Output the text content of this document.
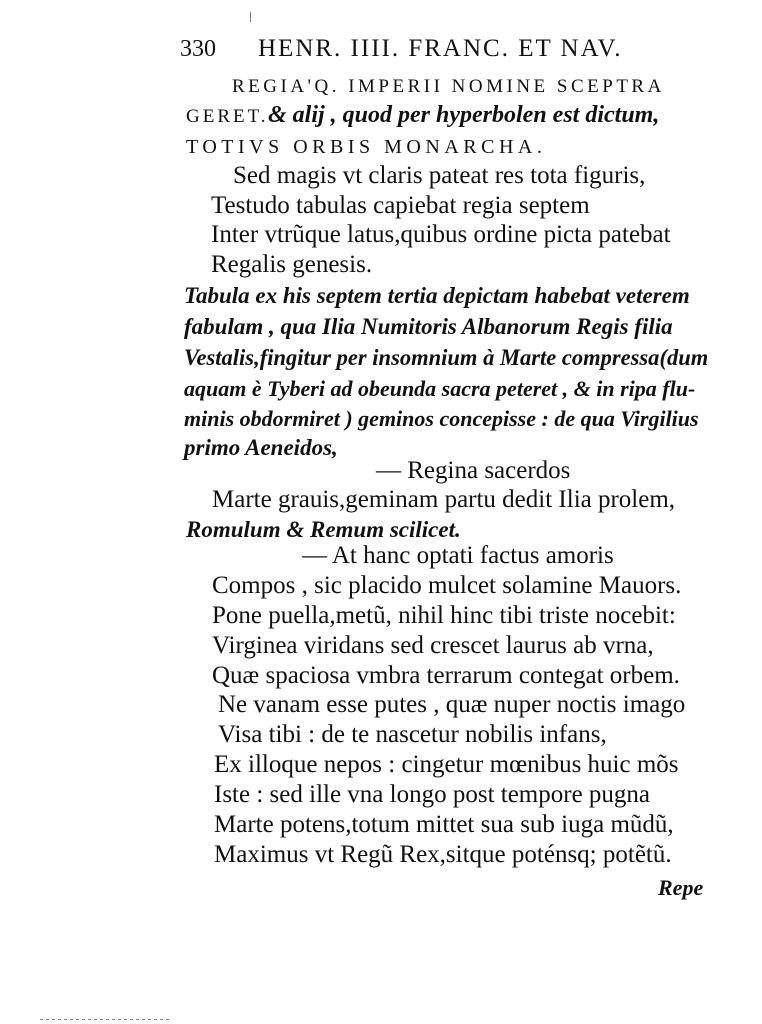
330 HENR. IIII. FRANC. ET NAV.
REGIA'Q. IMPERII NOMINE SCEPTRA
GERET. & alij , quod per hyperbolen est dictum,
TOTIVS ORBIS MONARCHA.
Sed magis vt claris pateat res tota figuris,
Testudo tabulas capiebat regia septem
Inter vtrũque latus,quibus ordine picta patebat
Regalis genesis.
Tabula ex his septem tertia depictam habebat veterem
fabulam , qua Ilia Numitoris Albanorum Regis filia
Vestalis,fingitur per insomnium à Marte compressa(dum
aquam è Tyberi ad obeunda sacra peteret , & in ripa flu-
minis obdormiret ) geminos concepisse : de qua Virgilius
primo Aeneidos,
— Regina sacerdos
Marte grauis,geminam partu dedit Ilia prolem,
Romulum & Remum scilicet.
— At hanc optati factus amoris
Compos , sic placido mulcet solamine Mauors.
Pone puella,metũ, nihil hinc tibi triste nocebit:
Virginea viridans sed crescet laurus ab vrna,
Quæ spaciosa vmbra terrarum contegat orbem.
Ne vanam esse putes , quæ nuper noctis imago
Visa tibi : de te nascetur nobilis infans,
Ex illoque nepos : cingetur mœnibus huic mõs
Iste : sed ille vna longo post tempore pugna
Marte potens,totum mittet sua sub iuga mũdũ,
Maximus vt Regũ Rex,sitque poténsq; potẽtũ.
Repe
